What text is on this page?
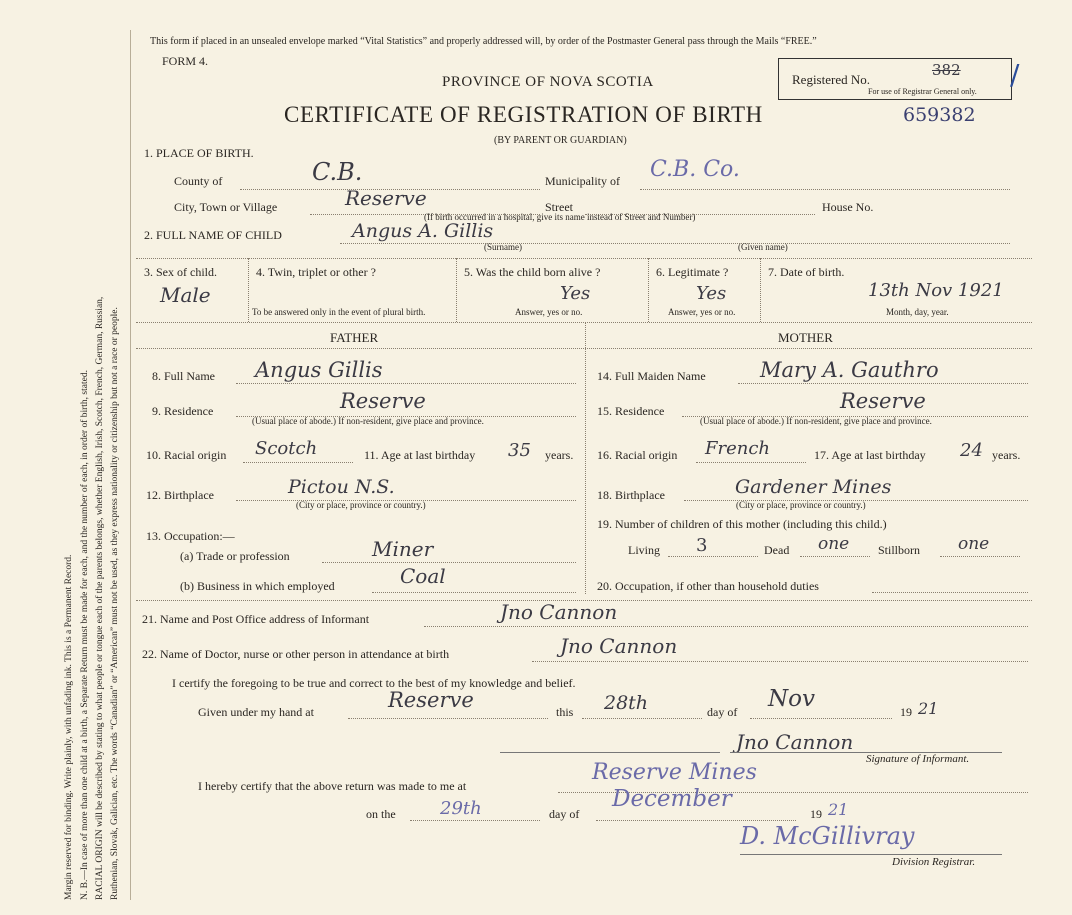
Margin reserved for binding. Write plainly, with unfading ink. This is a Permanent Record. N. B.—In case of more than one child at a birth, a Separate Return must be made for each, and the number of each, in order of birth, stated. RACIAL ORIGIN will be described by stating to what people or tongue each of the parents belongs, whether English, Irish, Scotch, French, German, Russian, Ruthenian, Slovak, Galician, etc. The words “Canadian” or “American” must not be used, as they express nationality or citizenship but not a race or people.
This form if placed in an unsealed envelope marked “Vital Statistics” and properly addressed will, by order of the Postmaster General pass through the Mails “FREE.”
FORM 4.
PROVINCE OF NOVA SCOTIA
CERTIFICATE OF REGISTRATION OF BIRTH	659382
(BY PARENT OR GUARDIAN)
Registered No.
382
For use of Registrar General only.
/
1. PLACE OF BIRTH.
County of	C.B.	Municipality of C.B. Co.
City, Town or Village	Reserve	Street	House No.
(If birth occurred in a hospital, give its name instead of Street and Number)
2. FULL NAME OF CHILD	Angus A. Gillis
(Surname)	(Given name)
3. Sex of child.
Male
4. Twin, triplet or other ?
To be answered only in the event of plural birth.
5. Was the child born alive ?
Yes
Answer, yes or no.
6. Legitimate ?
Yes
Answer, yes or no.
7. Date of birth.
13th Nov 1921
Month, day, year.
FATHER	MOTHER
8. Full Name Angus Gillis
9. Residence	Reserve
(Usual place of abode.) If non-resident, give place and province.
10. Racial origin Scotch	11. Age at last birthday 35 years.
12. Birthplace	Pictou N.S.
(City or place, province or country.)
13. Occupation:—
(a) Trade or profession	Miner
(b) Business in which employed	Coal
14. Full Maiden Name	Mary A. Gauthro
15. Residence	Reserve
(Usual place of abode.) If non-resident, give place and province.
16. Racial origin French	17. Age at last birthday 24 years.
18. Birthplace	Gardener Mines
(City or place, province or country.)
19. Number of children of this mother (including this child.)
Living 3	Dead one Stillborn one
20. Occupation, if other than household duties
21. Name and Post Office address of Informant	Jno Cannon
22. Name of Doctor, nurse or other person in attendance at birth	Jno Cannon
I certify the foregoing to be true and correct to the best of my knowledge and belief.
Given under my hand at	Reserve	this 28th	day of Nov	19 21
Jno Cannon
Signature of Informant.
I hereby certify that the above return was made to me at
Reserve Mines
on the 29th	day of
December
19 21
D. McGillivray
Division Registrar.
